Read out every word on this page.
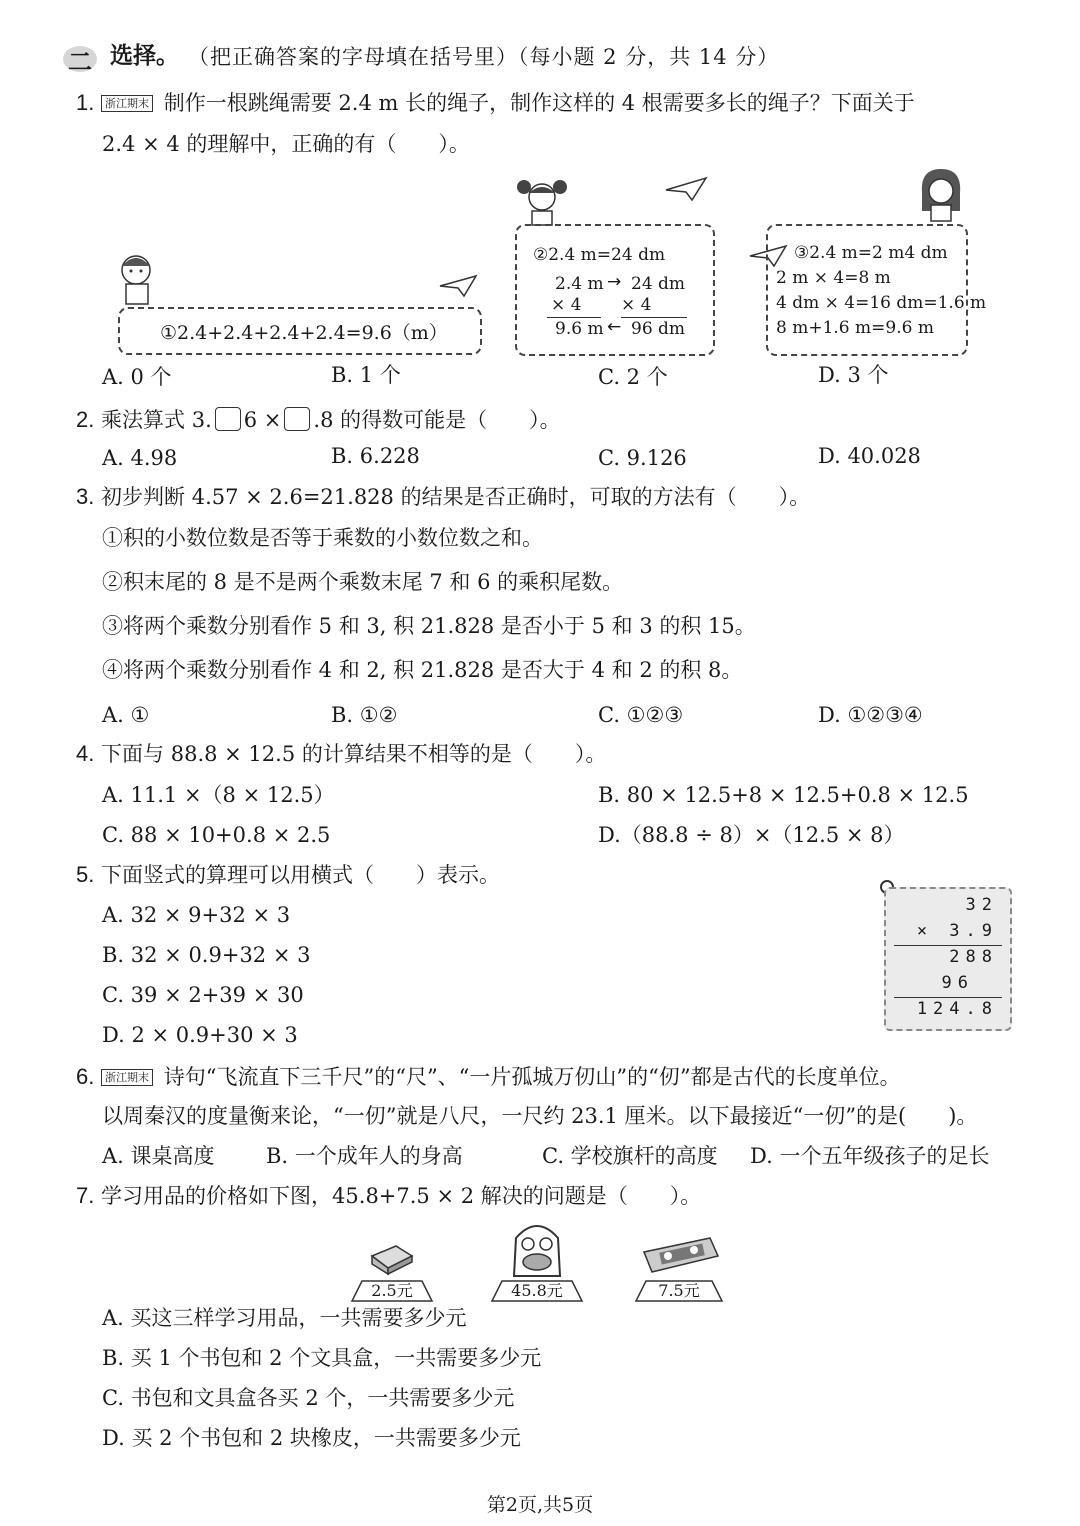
二 选择。 （把正确答案的字母填在括号里）（每小题 2 分，共 14 分）
1. 浙江期末 制作一根跳绳需要 2.4 m 长的绳子，制作这样的 4 根需要多长的绳子？下面关于
2.4 × 4 的理解中，正确的有（　　）。
①2.4+2.4+2.4+2.4=9.6（m）
②2.4 m=24 dm
2.4 m → 24 dm
× 4 × 4
9.6 m ← 96 dm
③2.4 m=2 m4 dm
2 m × 4=8 m
4 dm × 4=16 dm=1.6 m
8 m+1.6 m=9.6 m
A. 0 个	B. 1 个	C. 2 个	D. 3 个
2. 乘法算式 3. 6 × .8 的得数可能是（　　）。
A. 4.98	B. 6.228	C. 9.126	D. 40.028
3. 初步判断 4.57 × 2.6=21.828 的结果是否正确时，可取的方法有（　　）。
①积的小数位数是否等于乘数的小数位数之和。
②积末尾的 8 是不是两个乘数末尾 7 和 6 的乘积尾数。
③将两个乘数分别看作 5 和 3, 积 21.828 是否小于 5 和 3 的积 15。
④将两个乘数分别看作 4 和 2, 积 21.828 是否大于 4 和 2 的积 8。
A. ①	B. ①②	C. ①②③	D. ①②③④
4. 下面与 88.8 × 12.5 的计算结果不相等的是（　　）。
A. 11.1 ×（8 × 12.5）	B. 80 × 12.5+8 × 12.5+0.8 × 12.5
C. 88 × 10+0.8 × 2.5	D.（88.8 ÷ 8）×（12.5 × 8）
5. 下面竖式的算理可以用横式（　　）表示。
A. 32 × 9+32 × 3
B. 32 × 0.9+32 × 3
C. 39 × 2+39 × 30
D. 2 × 0.9+30 × 3
32
× 3.9
288
96
124.8
6. 浙江期末 诗句“飞流直下三千尺”的“尺”、“一片孤城万仞山”的“仞”都是古代的长度单位。
以周秦汉的度量衡来论，“一仞”就是八尺，一尺约 23.1 厘米。以下最接近“一仞”的是(　　)。
A. 课桌高度 B. 一个成年人的身高	C. 学校旗杆的高度 D. 一个五年级孩子的足长
7. 学习用品的价格如下图，45.8+7.5 × 2 解决的问题是（　　）。
2.5元	45.8元	7.5元
A. 买这三样学习用品，一共需要多少元
B. 买 1 个书包和 2 个文具盒，一共需要多少元
C. 书包和文具盒各买 2 个，一共需要多少元
D. 买 2 个书包和 2 块橡皮，一共需要多少元
第2页,共5页
